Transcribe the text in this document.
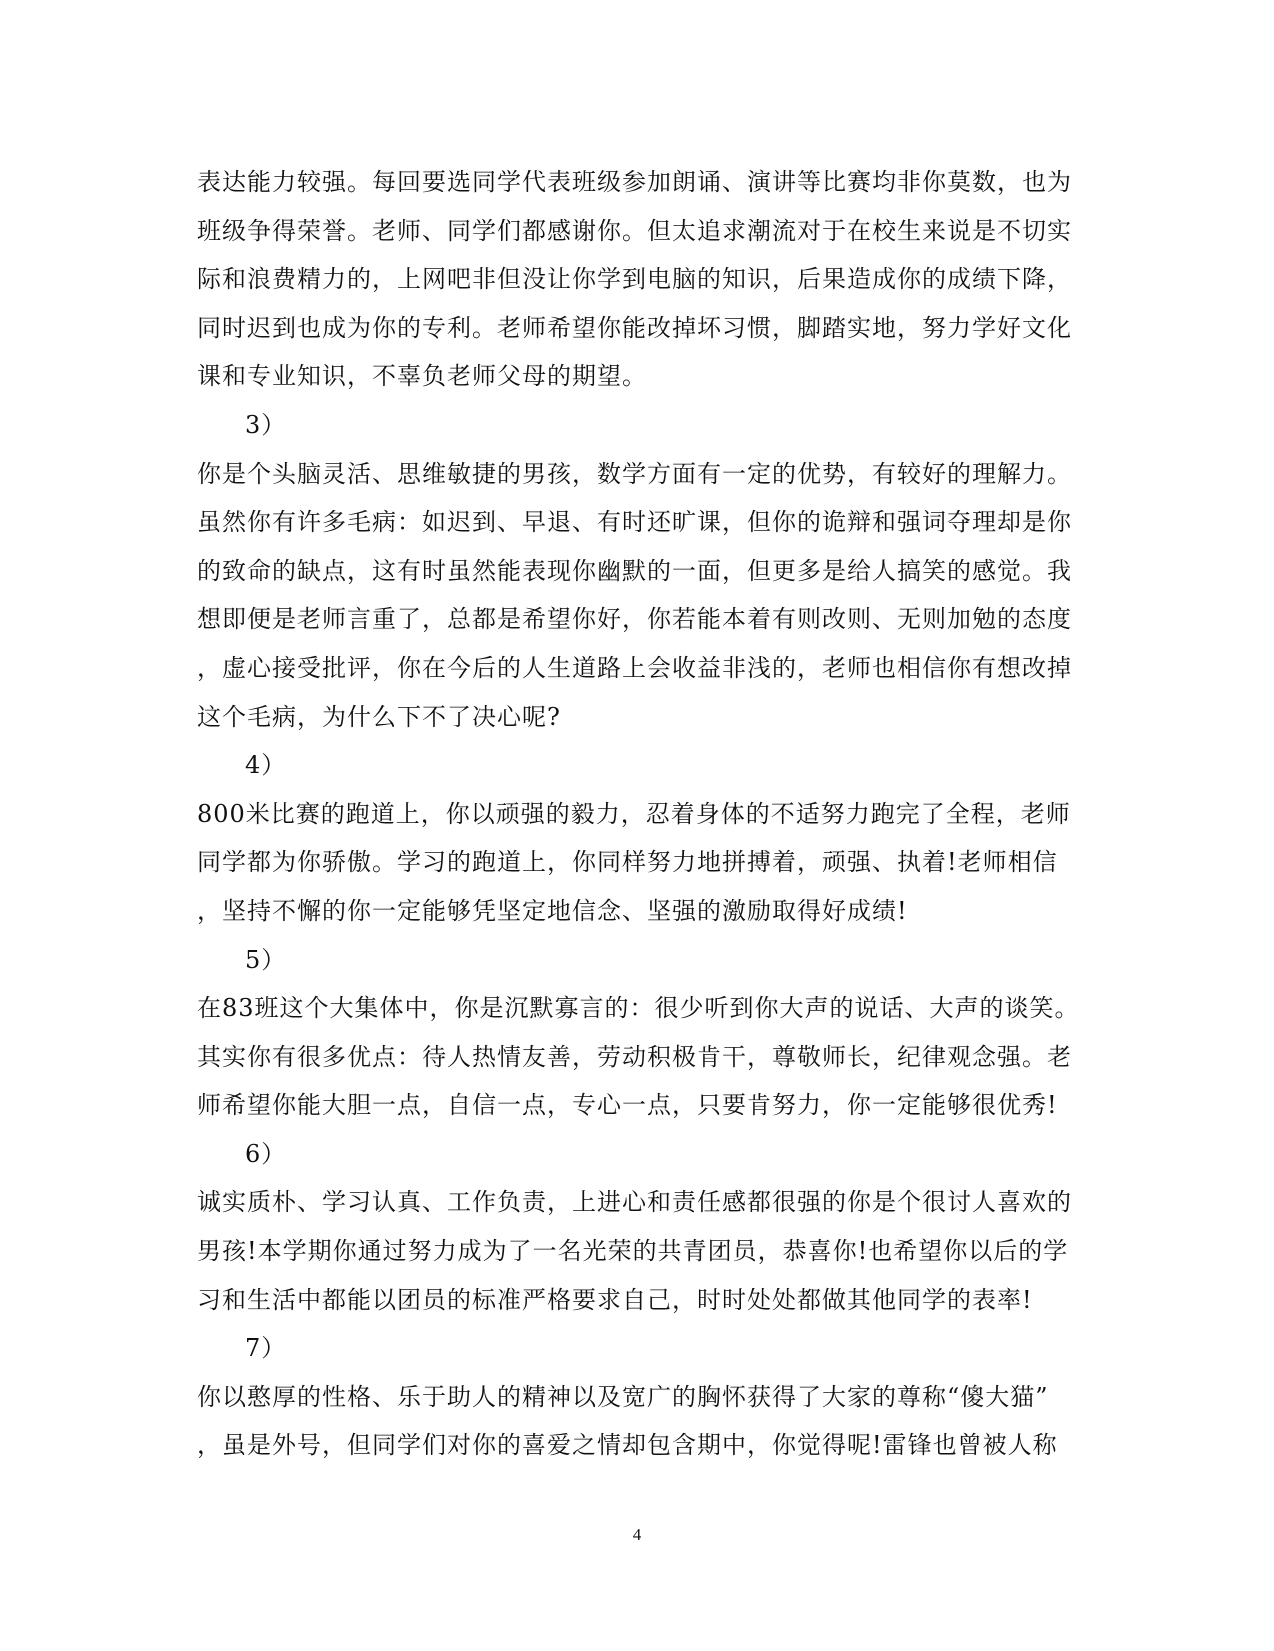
表达能力较强。每回要选同学代表班级参加朗诵、演讲等比赛均非你莫数，也为
班级争得荣誉。老师、同学们都感谢你。但太追求潮流对于在校生来说是不切实
际和浪费精力的，上网吧非但没让你学到电脑的知识，后果造成你的成绩下降，
同时迟到也成为你的专利。老师希望你能改掉坏习惯，脚踏实地，努力学好文化
课和专业知识，不辜负老师父母的期望。
3）
你是个头脑灵活、思维敏捷的男孩，数学方面有一定的优势，有较好的理解力。
虽然你有许多毛病：如迟到、早退、有时还旷课，但你的诡辩和强词夺理却是你
的致命的缺点，这有时虽然能表现你幽默的一面，但更多是给人搞笑的感觉。我
想即便是老师言重了，总都是希望你好，你若能本着有则改则、无则加勉的态度
，虚心接受批评，你在今后的人生道路上会收益非浅的，老师也相信你有想改掉
这个毛病，为什么下不了决心呢?
4）
800米比赛的跑道上，你以顽强的毅力，忍着身体的不适努力跑完了全程，老师
同学都为你骄傲。学习的跑道上，你同样努力地拼搏着，顽强、执着!老师相信
，坚持不懈的你一定能够凭坚定地信念、坚强的激励取得好成绩!
5）
在83班这个大集体中，你是沉默寡言的：很少听到你大声的说话、大声的谈笑。
其实你有很多优点：待人热情友善，劳动积极肯干，尊敬师长，纪律观念强。老
师希望你能大胆一点，自信一点，专心一点，只要肯努力，你一定能够很优秀!
6）
诚实质朴、学习认真、工作负责，上进心和责任感都很强的你是个很讨人喜欢的
男孩!本学期你通过努力成为了一名光荣的共青团员，恭喜你!也希望你以后的学
习和生活中都能以团员的标准严格要求自己，时时处处都做其他同学的表率!
7）
你以憨厚的性格、乐于助人的精神以及宽广的胸怀获得了大家的尊称“傻大猫”
，虽是外号，但同学们对你的喜爱之情却包含期中，你觉得呢!雷锋也曾被人称
4
